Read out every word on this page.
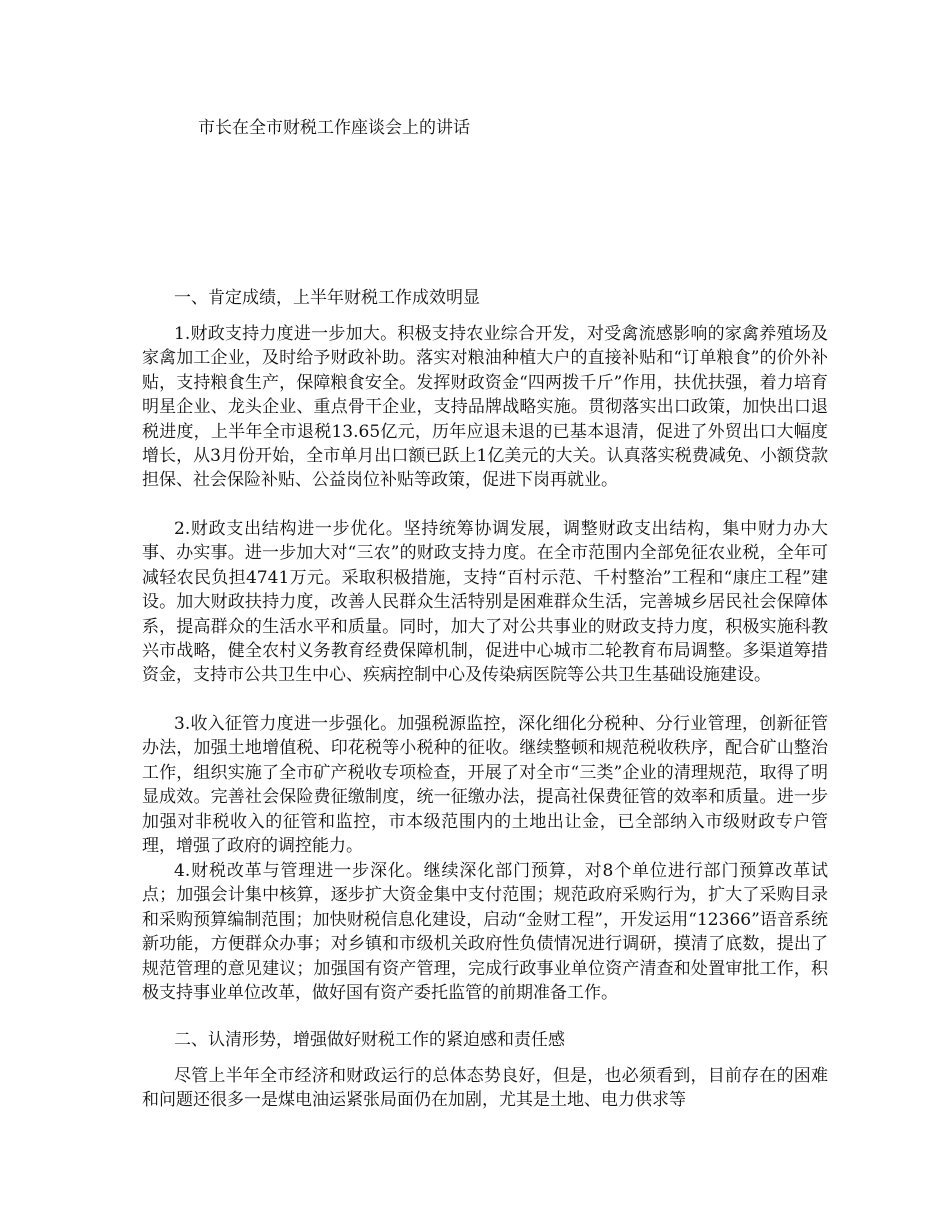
市长在全市财税工作座谈会上的讲话
一、肯定成绩，上半年财税工作成效明显

1.财政支持力度进一步加大。积极支持农业综合开发，对受禽流感影响的家禽养殖场及家禽加工企业，及时给予财政补助。落实对粮油种植大户的直接补贴和“订单粮食”的价外补贴，支持粮食生产，保障粮食安全。发挥财政资金“四两拨千斤”作用，扶优扶强，着力培育明星企业、龙头企业、重点骨干企业，支持品牌战略实施。贯彻落实出口政策，加快出口退税进度，上半年全市退税13.65亿元，历年应退未退的已基本退清，促进了外贸出口大幅度增长，从3月份开始，全市单月出口额已跃上1亿美元的大关。认真落实税费减免、小额贷款担保、社会保险补贴、公益岗位补贴等政策，促进下岗再就业。

2.财政支出结构进一步优化。坚持统筹协调发展，调整财政支出结构，集中财力办大事、办实事。进一步加大对“三农”的财政支持力度。在全市范围内全部免征农业税，全年可减轻农民负担4741万元。采取积极措施，支持“百村示范、千村整治”工程和“康庄工程”建设。加大财政扶持力度，改善人民群众生活特别是困难群众生活，完善城乡居民社会保障体系，提高群众的生活水平和质量。同时，加大了对公共事业的财政支持力度，积极实施科教兴市战略，健全农村义务教育经费保障机制，促进中心城市二轮教育布局调整。多渠道筹措资金，支持市公共卫生中心、疾病控制中心及传染病医院等公共卫生基础设施建设。

3.收入征管力度进一步强化。加强税源监控，深化细化分税种、分行业管理，创新征管办法，加强土地增值税、印花税等小税种的征收。继续整顿和规范税收秩序，配合矿山整治工作，组织实施了全市矿产税收专项检查，开展了对全市“三类”企业的清理规范，取得了明显成效。完善社会保险费征缴制度，统一征缴办法，提高社保费征管的效率和质量。进一步加强对非税收入的征管和监控，市本级范围内的土地出让金，已全部纳入市级财政专户管理，增强了政府的调控能力。

4.财税改革与管理进一步深化。继续深化部门预算，对8个单位进行部门预算改革试点；加强会计集中核算，逐步扩大资金集中支付范围；规范政府采购行为，扩大了采购目录和采购预算编制范围；加快财税信息化建设，启动“金财工程”，开发运用“12366”语音系统新功能，方便群众办事；对乡镇和市级机关政府性负债情况进行调研，摸清了底数，提出了规范管理的意见建议；加强国有资产管理，完成行政事业单位资产清查和处置审批工作，积极支持事业单位改革，做好国有资产委托监管的前期准备工作。

二、认清形势，增强做好财税工作的紧迫感和责任感

尽管上半年全市经济和财政运行的总体态势良好，但是，也必须看到，目前存在的困难和问题还很多一是煤电油运紧张局面仍在加剧，尤其是土地、电力供求等
